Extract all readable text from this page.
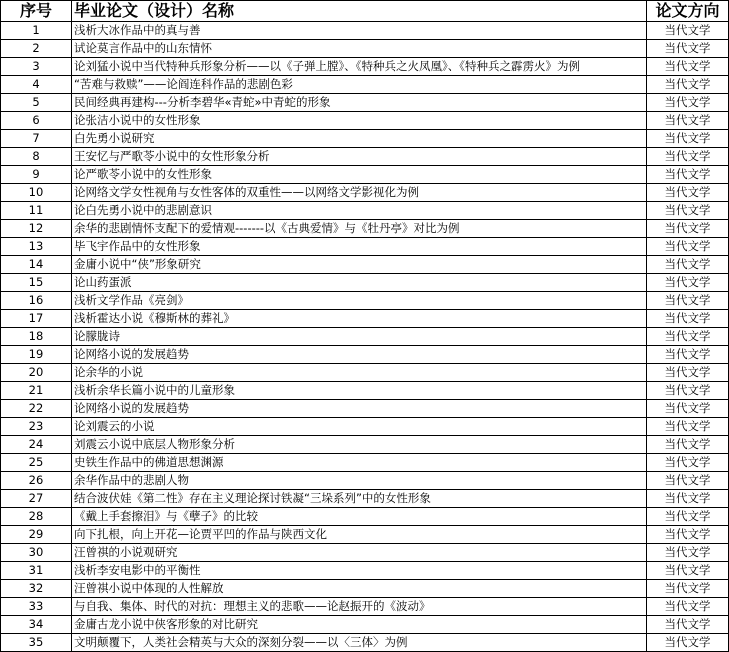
序号	毕业论文（设计）名称	论文方向
1	浅析大冰作品中的真与善	当代文学
2	试论莫言作品中的山东情怀	当代文学
3	论刘猛小说中当代特种兵形象分析——以《子弹上膛》、《特种兵之火凤凰》、《特种兵之霹雳火》为例	当代文学
4	“苦难与救赎”——论阎连科作品的悲剧色彩	当代文学
5	民间经典再建构---分析李碧华«青蛇»中青蛇的形象	当代文学
6	论张洁小说中的女性形象	当代文学
7	白先勇小说研究	当代文学
8	王安忆与严歌苓小说中的女性形象分析	当代文学
9	论严歌苓小说中的女性形象	当代文学
10	论网络文学女性视角与女性客体的双重性——以网络文学影视化为例	当代文学
11	论白先勇小说中的悲剧意识	当代文学
12	余华的悲剧情怀支配下的爱情观-------以《古典爱情》与《牡丹亭》对比为例	当代文学
13	毕飞宇作品中的女性形象	当代文学
14	金庸小说中“侠”形象研究	当代文学
15	论山药蛋派	当代文学
16	浅析文学作品《亮剑》	当代文学
17	浅析霍达小说《穆斯林的葬礼》	当代文学
18	论朦胧诗	当代文学
19	论网络小说的发展趋势	当代文学
20	论余华的小说	当代文学
21	浅析余华长篇小说中的儿童形象	当代文学
22	论网络小说的发展趋势	当代文学
23	论刘震云的小说	当代文学
24	刘震云小说中底层人物形象分析	当代文学
25	史铁生作品中的佛道思想渊源	当代文学
26	余华作品中的悲剧人物	当代文学
27	结合波伏娃《第二性》存在主义理论探讨铁凝“三垛系列”中的女性形象	当代文学
28	《戴上手套擦泪》与《孽子》的比较	当代文学
29	向下扎根，向上开花—论贾平凹的作品与陕西文化	当代文学
30	汪曾祺的小说观研究	当代文学
31	浅析李安电影中的平衡性	当代文学
32	汪曾祺小说中体现的人性解放	当代文学
33	与自我、集体、时代的对抗：理想主义的悲歌——论赵振开的《波动》	当代文学
34	金庸古龙小说中侠客形象的对比研究	当代文学
35	文明颠覆下，人类社会精英与大众的深刻分裂——以〈三体〉为例	当代文学
